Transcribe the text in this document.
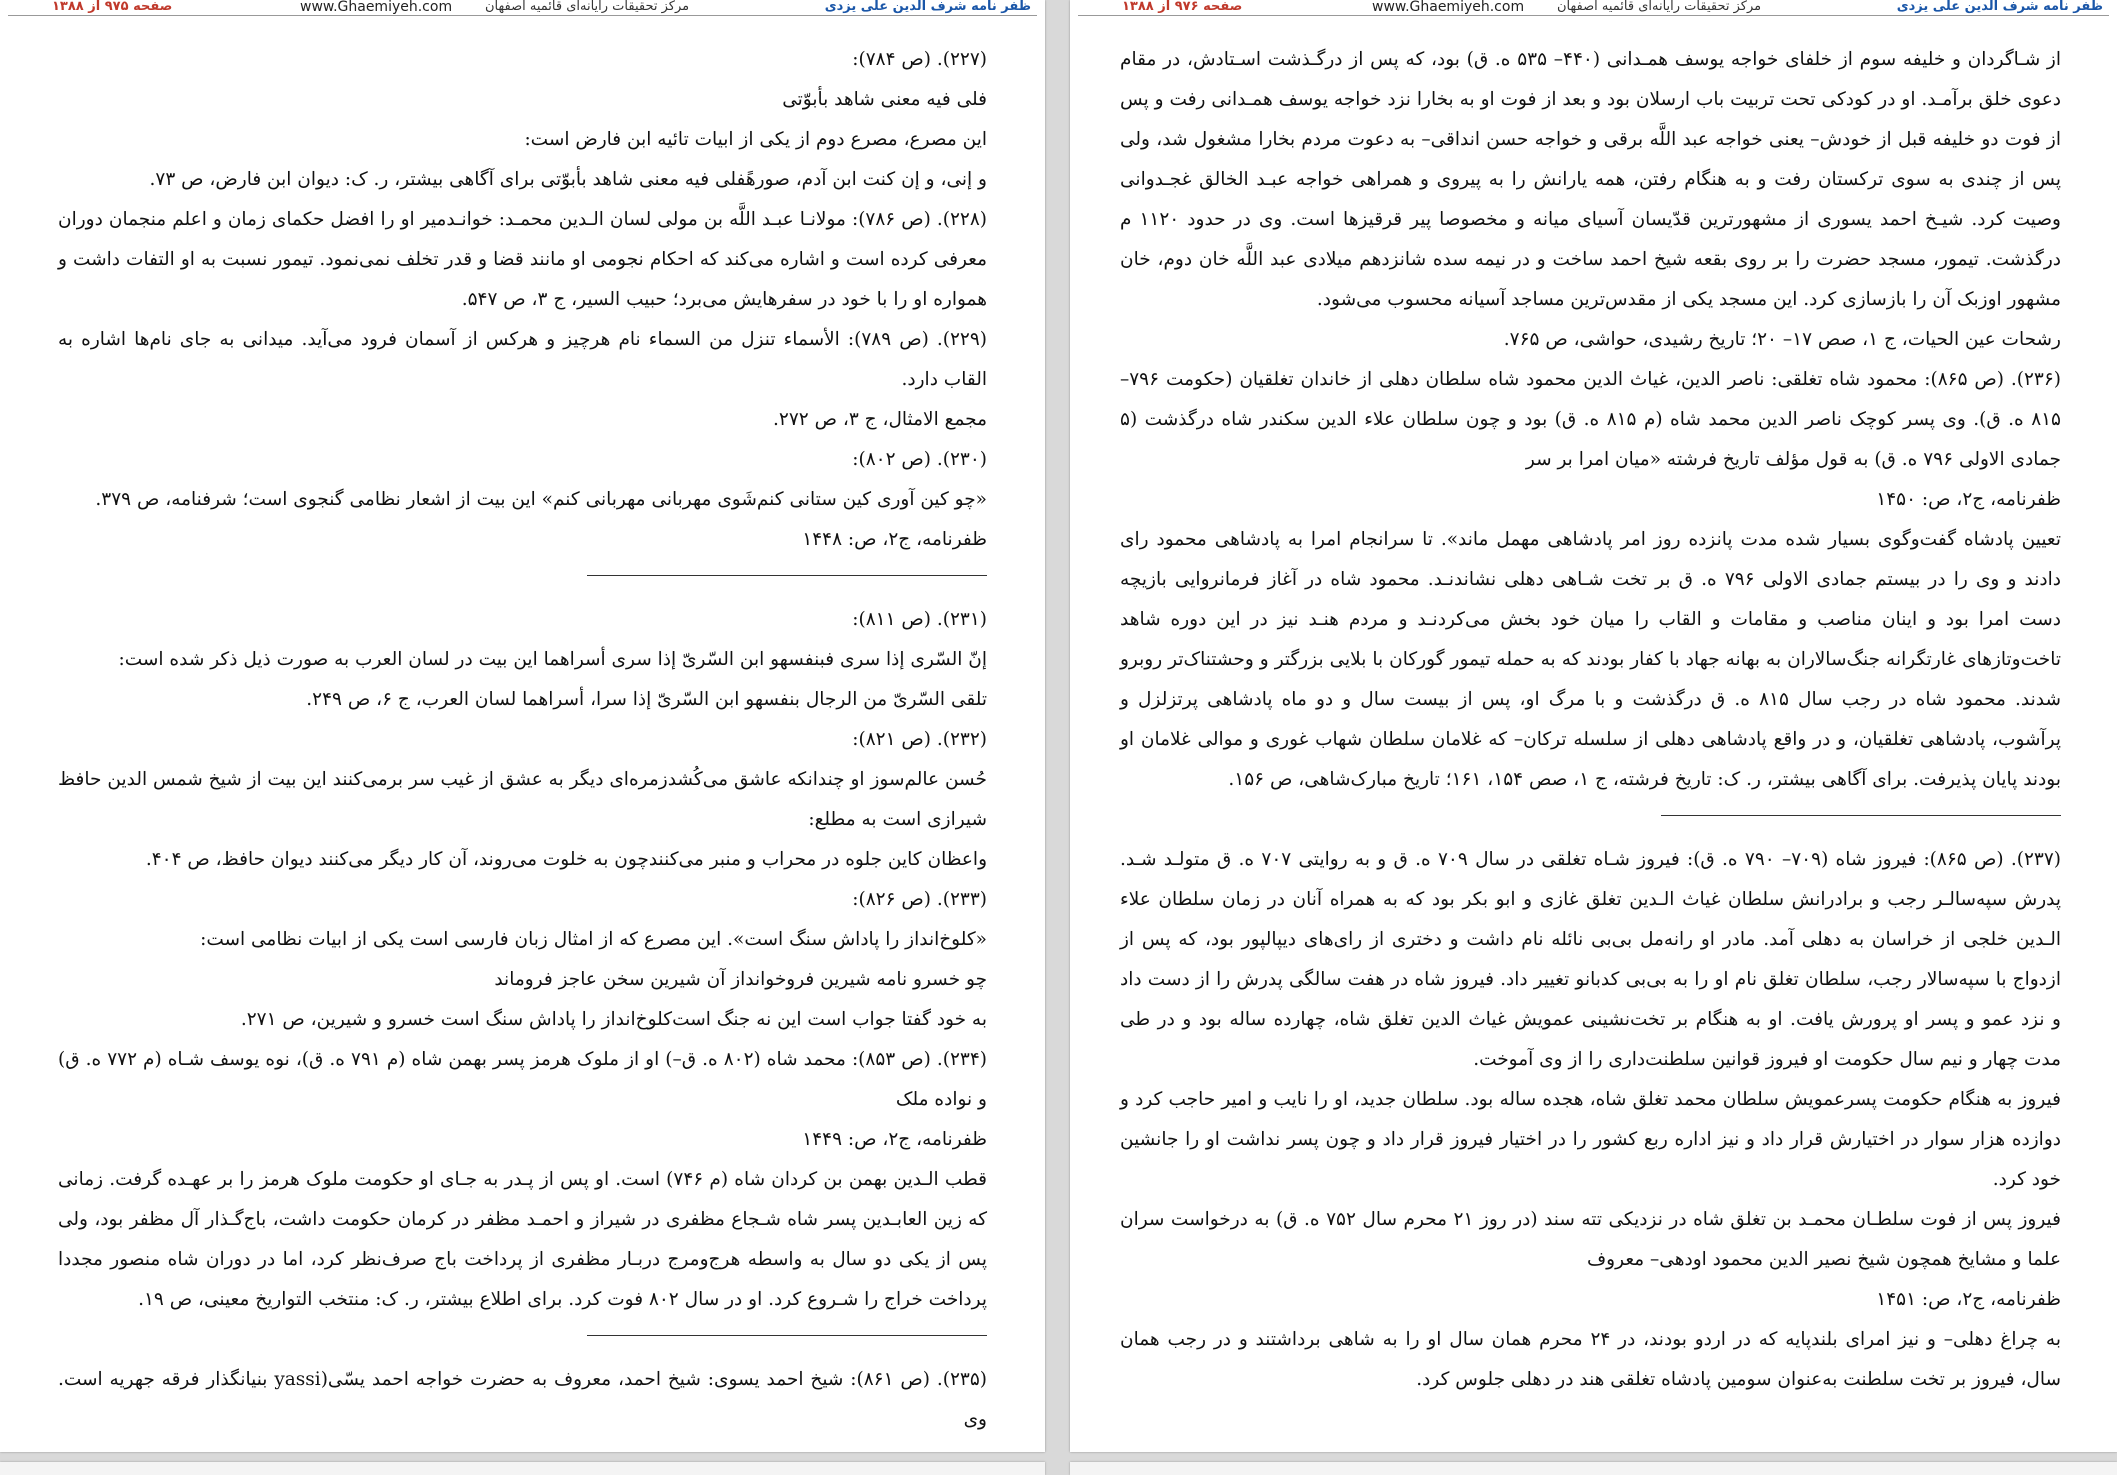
صفحه ۹۷۵ از ۱۳۸۸	www.Ghaemiyeh.com	مرکز تحقیقات رایانه‌ای قائمیه اصفهان	ظفر نامه شرف الدین علی یزدی

(۲۲۷). (ص ۷۸۴):

فلی فیه معنی شاهد بأبوّتی

این مصرع، مصرع دوم از یکی از ابیات تائیه ابن فارض است:

و إنی، و إن کنت ابن آدم، صورهًفلی فیه معنی شاهد بأبوّتی برای آگاهی بیشتر، ر. ک: دیوان ابن فارض، ص ۷۳.

(۲۲۸). (ص ۷۸۶): مولانـا عبـد اللَّه بن مولی لسان الـدین محمـد: خوانـدمیر او را افضل حکمای زمان و اعلم منجمان دوران معرفی کرده است و اشاره می‌کند که احکام نجومی او مانند قضا و قدر تخلف نمی‌نمود. تیمور نسبت به او التفات داشت و همواره او را با خود در سفرهایش می‌برد؛ حبیب السیر، ج ۳، ص ۵۴۷.

(۲۲۹). (ص ۷۸۹): الأسماء تنزل من السماء نام هرچیز و هرکس از آسمان فرود می‌آید. میدانی به جای نام‌ها اشاره به القاب دارد.

مجمع الامثال، ج ۳، ص ۲۷۲.

(۲۳۰). (ص ۸۰۲):

«چو کین آوری کین ستانی کنم‌شَوی مهربانی مهربانی کنم» این بیت از اشعار نظامی گنجوی است؛ شرفنامه، ص ۳۷۹.

ظفرنامه، ج۲، ص: ۱۴۴۸

(۲۳۱). (ص ۸۱۱):

إنّ السّری إذا سری فبنفسهو ابن السّریّ إذا سری أسراهما این بیت در لسان العرب به صورت ذیل ذکر شده است:

تلقی السّریّ من الرجال بنفسهو ابن السّریّ إذا سرا، أسراهما لسان العرب، ج ۶، ص ۲۴۹.

(۲۳۲). (ص ۸۲۱):

حُسن عالم‌سوز او چندانکه عاشق می‌کُشدزمره‌ای دیگر به عشق از غیب سر برمی‌کنند این بیت از شیخ شمس الدین حافظ شیرازی است به مطلع:

واعظان کاین جلوه در محراب و منبر می‌کنندچون به خلوت می‌روند، آن کار دیگر می‌کنند دیوان حافظ، ص ۴۰۴.

(۲۳۳). (ص ۸۲۶):

«کلوخ‌انداز را پاداش سنگ است». این مصرع که از امثال زبان فارسی است یکی از ابیات نظامی است:

چو خسرو نامه شیرین فروخوانداز آن شیرین سخن عاجز فروماند

به خود گفتا جواب است این نه جنگ است‌کلوخ‌انداز را پاداش سنگ است خسرو و شیرین، ص ۲۷۱.

(۲۳۴). (ص ۸۵۳): محمد شاه (۸۰۲ ه. ق–) او از ملوک هرمز پسر بهمن شاه (م ۷۹۱ ه. ق)، نوه یوسف شـاه (م ۷۷۲ ه. ق) و نواده ملک

ظفرنامه، ج۲، ص: ۱۴۴۹

قطب الـدین بهمن بن کردان شاه (م ۷۴۶) است. او پس از پـدر به جـای او حکومت ملوک هرمز را بر عهـده گرفت. زمانی که زین العابـدین پسر شاه شـجاع مظفری در شیراز و احمـد مظفر در کرمان حکومت داشت، باج‌گـذار آل مظفر بود، ولی پس از یکی دو سال به واسطه هرج‌ومرج دربـار مظفری از پرداخت باج صرف‌نظر کرد، اما در دوران شاه منصور مجددا پرداخت خراج را شـروع کرد. او در سال ۸۰۲ فوت کرد. برای اطلاع بیشتر، ر. ک: منتخب التواریخ معینی، ص ۱۹.

(۲۳۵). (ص ۸۶۱): شیخ احمد یسوی: شیخ احمد، معروف به حضرت خواجه احمد یسّی(yassi بنیانگذار فرقه جهریه است. وی

صفحه ۹۷۶ از ۱۳۸۸	www.Ghaemiyeh.com	مرکز تحقیقات رایانه‌ای قائمیه اصفهان	ظفر نامه شرف الدین علی یزدی

از شـاگردان و خلیفه سوم از خلفای خواجه یوسف همـدانی (۴۴۰– ۵۳۵ ه. ق) بود، که پس از درگـذشت اسـتادش، در مقام دعوی خلق برآمـد. او در کودکی تحت تربیت باب ارسلان بود و بعد از فوت او به بخارا نزد خواجه یوسف همـدانی رفت و پس از فوت دو خلیفه قبل از خودش– یعنی خواجه عبد اللَّه برقی و خواجه حسن انداقی– به دعوت مردم بخارا مشغول شد، ولی پس از چندی به سوی ترکستان رفت و به هنگام رفتن، همه یارانش را به پیروی و همراهی خواجه عبـد الخالق غجـدوانی وصیت کرد. شیـخ احمد یسوری از مشهورترین قدّیسان آسیای میانه و مخصوصا پیر قرقیزها است. وی در حدود ۱۱۲۰ م درگذشت. تیمور، مسجد حضرت را بر روی بقعه شیخ احمد ساخت و در نیمه سده شانزدهم میلادی عبد اللَّه خان دوم، خان مشهور اوزبک آن را بازسازی کرد. این مسجد یکی از مقدس‌ترین مساجد آسیانه محسوب می‌شود.

رشحات عین الحیات، ج ۱، صص ۱۷– ۲۰؛ تاریخ رشیدی، حواشی، ص ۷۶۵.

(۲۳۶). (ص ۸۶۵): محمود شاه تغلقی: ناصر الدین، غیاث الدین محمود شاه سلطان دهلی از خاندان تغلقیان (حکومت ۷۹۶– ۸۱۵ ه. ق). وی پسر کوچک ناصر الدین محمد شاه (م ۸۱۵ ه. ق) بود و چون سلطان علاء الدین سکندر شاه درگذشت (۵ جمادی الاولی ۷۹۶ ه. ق) به قول مؤلف تاریخ فرشته «میان امرا بر سر

ظفرنامه، ج۲، ص: ۱۴۵۰

تعیین پادشاه گفت‌وگوی بسیار شده مدت پانزده روز امر پادشاهی مهمل ماند». تا سرانجام امرا به پادشاهی محمود رای دادند و وی را در بیستم جمادی الاولی ۷۹۶ ه. ق بر تخت شـاهی دهلی نشاندنـد. محمود شاه در آغاز فرمانروایی بازیچه دست امرا بود و اینان مناصب و مقامات و القاب را میان خود بخش می‌کردنـد و مردم هنـد نیز در این دوره شاهد تاخت‌وتازهای غارتگرانه جنگ‌سالاران به بهانه جهاد با کفار بودند که به حمله تیمور گورکان با بلایی بزرگتر و وحشتناک‌تر روبرو شدند. محمود شاه در رجب سال ۸۱۵ ه. ق درگذشت و با مرگ او، پس از بیست سال و دو ماه پادشاهی پرتزلزل و پرآشوب، پادشاهی تغلقیان، و در واقع پادشاهی دهلی از سلسله ترکان– که غلامان سلطان شهاب غوری و موالی غلامان او بودند پایان پذیرفت. برای آگاهی بیشتر، ر. ک: تاریخ فرشته، ج ۱، صص ۱۵۴، ۱۶۱؛ تاریخ مبارک‌شاهی، ص ۱۵۶.

(۲۳۷). (ص ۸۶۵): فیروز شاه (۷۰۹– ۷۹۰ ه. ق): فیروز شـاه تغلقی در سال ۷۰۹ ه. ق و به روایتی ۷۰۷ ه. ق متولـد شـد. پدرش سپه‌سالـر رجب و برادرانش سلطان غیاث الـدین تغلق غازی و ابو بکر بود که به همراه آنان در زمان سلطان علاء الـدین خلجی از خراسان به دهلی آمد. مادر او رانه‌مل بی‌بی نائله نام داشت و دختری از رای‌های دیپالپور بود، که پس از ازدواج با سپه‌سالار رجب، سلطان تغلق نام او را به بی‌بی کدبانو تغییر داد. فیروز شاه در هفت سالگی پدرش را از دست داد و نزد عمو و پسر او پرورش یافت. او به هنگام بر تخت‌نشینی عمویش غیاث الدین تغلق شاه، چهارده ساله بود و در طی مدت چهار و نیم سال حکومت او فیروز قوانین سلطنت‌داری را از وی آموخت.

فیروز به هنگام حکومت پسرعمویش سلطان محمد تغلق شاه، هجده ساله بود. سلطان جدید، او را نایب و امیر حاجب کرد و دوازده هزار سوار در اختیارش قرار داد و نیز اداره ربع کشور را در اختیار فیروز قرار داد و چون پسر نداشت او را جانشین خود کرد.

فیروز پس از فوت سلطـان محمـد بن تغلق شاه در نزدیکی تته سند (در روز ۲۱ محرم سال ۷۵۲ ه. ق) به درخواست سران علما و مشایخ همچون شیخ نصیر الدین محمود اودهی– معروف

ظفرنامه، ج۲، ص: ۱۴۵۱

به چراغ دهلی– و نیز امرای بلندپایه که در اردو بودند، در ۲۴ محرم همان سال او را به شاهی برداشتند و در رجب همان سال، فیروز بر تخت سلطنت به‌عنوان سومین پادشاه تغلقی هند در دهلی جلوس کرد.
